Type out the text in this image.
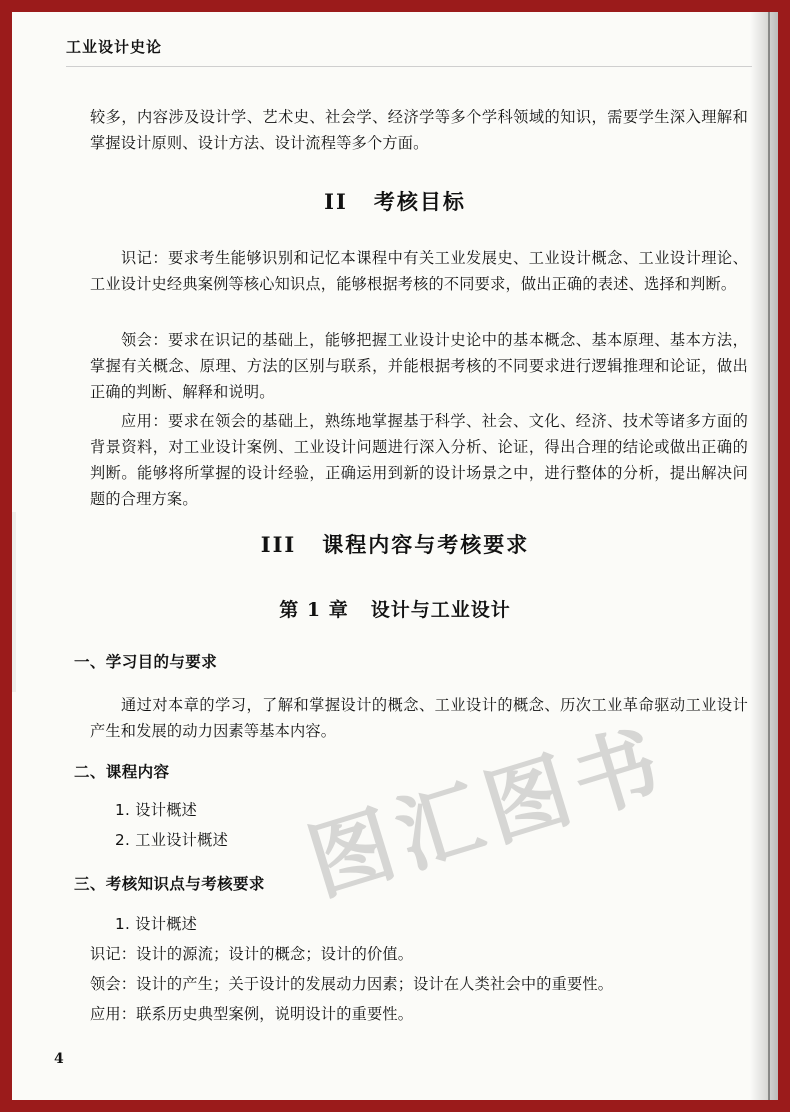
工业设计史论
较多，内容涉及设计学、艺术史、社会学、经济学等多个学科领域的知识，需要学生深入理解和掌握设计原则、设计方法、设计流程等多个方面。
II 考核目标
识记：要求考生能够识别和记忆本课程中有关工业发展史、工业设计概念、工业设计理论、工业设计史经典案例等核心知识点，能够根据考核的不同要求，做出正确的表述、选择和判断。
领会：要求在识记的基础上，能够把握工业设计史论中的基本概念、基本原理、基本方法，掌握有关概念、原理、方法的区别与联系，并能根据考核的不同要求进行逻辑推理和论证，做出正确的判断、解释和说明。
应用：要求在领会的基础上，熟练地掌握基于科学、社会、文化、经济、技术等诸多方面的背景资料，对工业设计案例、工业设计问题进行深入分析、论证，得出合理的结论或做出正确的判断。能够将所掌握的设计经验，正确运用到新的设计场景之中，进行整体的分析，提出解决问题的合理方案。
III 课程内容与考核要求
第 1 章 设计与工业设计
一、学习目的与要求
通过对本章的学习，了解和掌握设计的概念、工业设计的概念、历次工业革命驱动工业设计产生和发展的动力因素等基本内容。
二、课程内容
1. 设计概述
2. 工业设计概述
三、考核知识点与考核要求
1. 设计概述
识记：设计的源流；设计的概念；设计的价值。
领会：设计的产生；关于设计的发展动力因素；设计在人类社会中的重要性。
应用：联系历史典型案例，说明设计的重要性。
图汇图书
4
